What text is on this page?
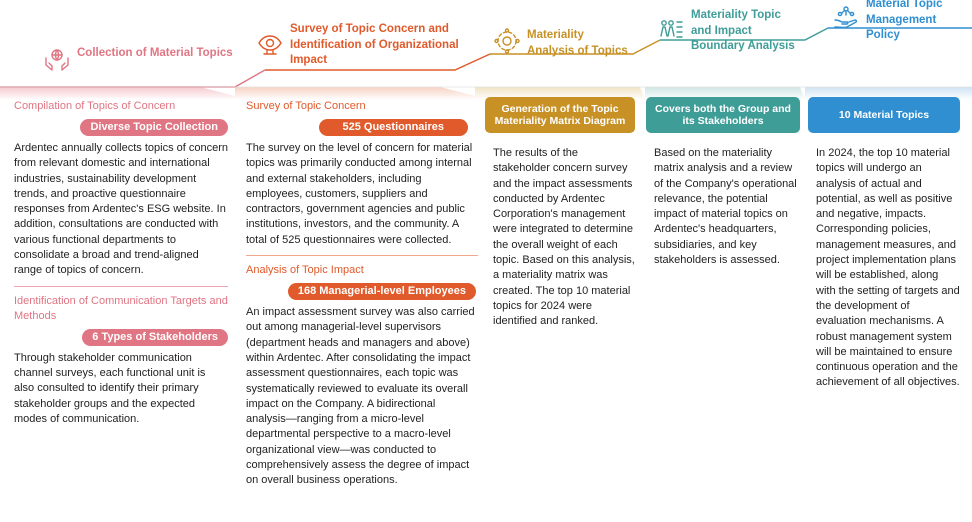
Collection of Material Topics
Survey of Topic Concern and Identification of Organizational Impact
Materiality Analysis of Topics
Materiality Topic and Impact Boundary Analysis
Material Topic Management Policy
Compilation of Topics of Concern
Diverse Topic Collection
Ardentec annually collects topics of concern from relevant domestic and international industries, sustainability development trends, and proactive questionnaire responses from Ardentec's ESG website. In addition, consultations are conducted with various functional departments to consolidate a broad and trend-aligned range of topics of concern.
Identification of Communication Targets and Methods
6 Types of Stakeholders
Through stakeholder communication channel surveys, each functional unit is also consulted to identify their primary stakeholder groups and the expected modes of communication.
Survey of Topic Concern
525 Questionnaires
The survey on the level of concern for material topics was primarily conducted among internal and external stakeholders, including employees, customers, suppliers and contractors, government agencies and public institutions, investors, and the community. A total of 525 questionnaires were collected.
Analysis of Topic Impact
168 Managerial-level Employees
An impact assessment survey was also carried out among managerial-level supervisors (department heads and managers and above) within Ardentec. After consolidating the impact assessment questionnaires, each topic was systematically reviewed to evaluate its overall impact on the Company. A bidirectional analysis—ranging from a micro-level departmental perspective to a macro-level organizational view—was conducted to comprehensively assess the degree of impact on overall business operations.
Generation of the Topic Materiality Matrix Diagram
The results of the stakeholder concern survey and the impact assessments conducted by Ardentec Corporation's management were integrated to determine the overall weight of each topic. Based on this analysis, a materiality matrix was created. The top 10 material topics for 2024 were identified and ranked.
Covers both the Group and its Stakeholders
Based on the materiality matrix analysis and a review of the Company's operational relevance, the potential impact of material topics on Ardentec's headquarters, subsidiaries, and key stakeholders is assessed.
10 Material Topics
In 2024, the top 10 material topics will undergo an analysis of actual and potential, as well as positive and negative, impacts. Corresponding policies, management measures, and project implementation plans will be established, along with the setting of targets and the development of evaluation mechanisms. A robust management system will be maintained to ensure continuous operation and the achievement of all objectives.
